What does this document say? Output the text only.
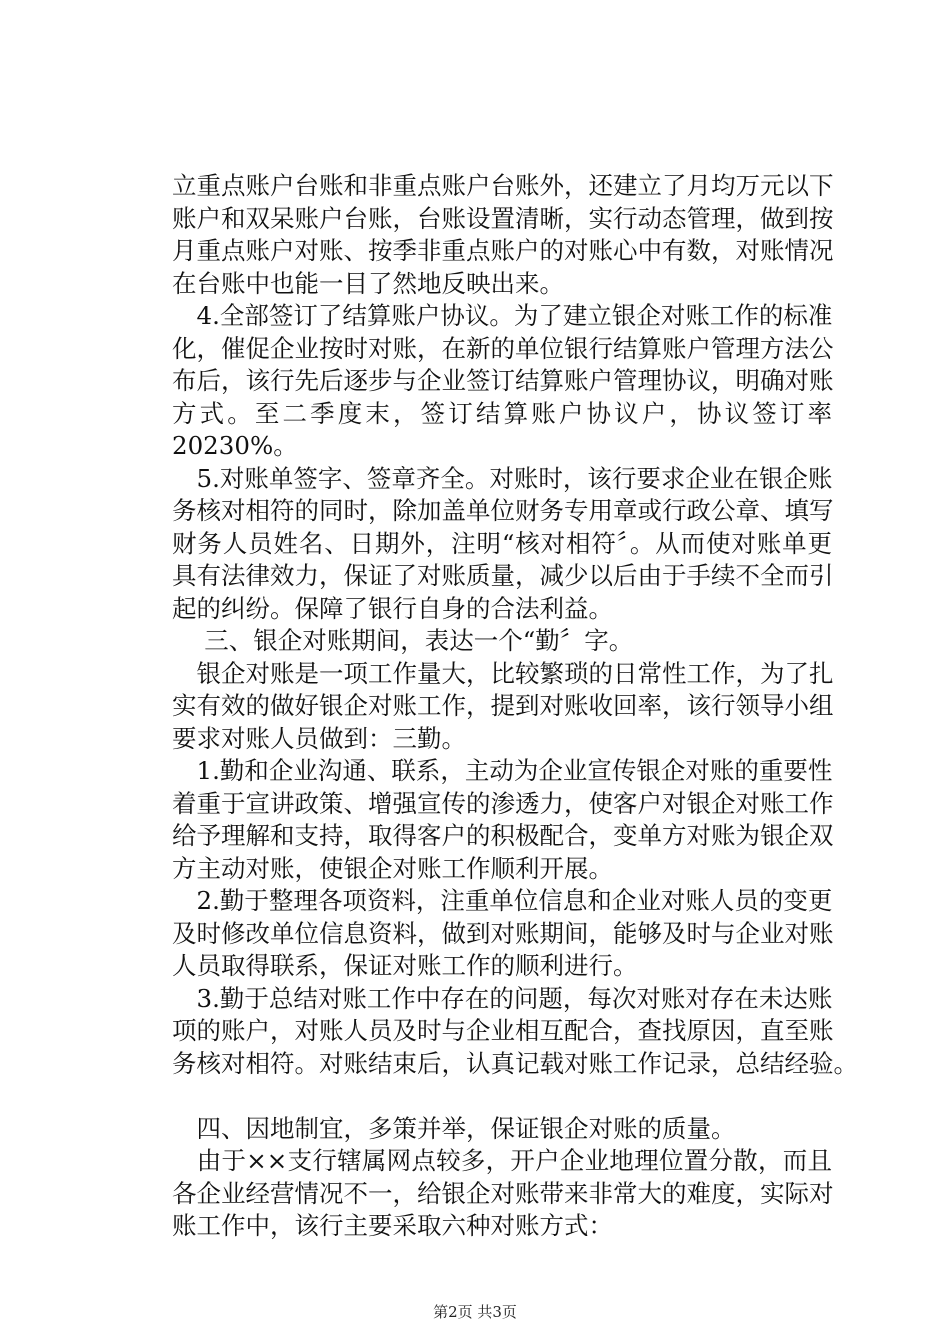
立重点账户台账和非重点账户台账外，还建立了月均万元以下
账户和双呆账户台账，台账设置清晰，实行动态管理，做到按
月重点账户对账、按季非重点账户的对账心中有数，对账情况
在台账中也能一目了然地反映出来。
　4.全部签订了结算账户协议。为了建立银企对账工作的标准
化，催促企业按时对账，在新的单位银行结算账户管理方法公
布后，该行先后逐步与企业签订结算账户管理协议，明确对账
方式。至二季度末，签订结算账户协议户，协议签订率
20230%。
　5.对账单签字、签章齐全。对账时，该行要求企业在银企账
务核对相符的同时，除加盖单位财务专用章或行政公章、填写
财务人员姓名、日期外，注明“核对相符〞。从而使对账单更
具有法律效力，保证了对账质量，减少以后由于手续不全而引
起的纠纷。保障了银行自身的合法利益。
　 三、银企对账期间，表达一个“勤〞字。
　银企对账是一项工作量大，比较繁琐的日常性工作，为了扎
实有效的做好银企对账工作，提到对账收回率，该行领导小组
要求对账人员做到：三勤。
　1.勤和企业沟通、联系，主动为企业宣传银企对账的重要性
着重于宣讲政策、增强宣传的渗透力，使客户对银企对账工作
给予理解和支持，取得客户的积极配合，变单方对账为银企双
方主动对账，使银企对账工作顺利开展。
　2.勤于整理各项资料，注重单位信息和企业对账人员的变更
及时修改单位信息资料，做到对账期间，能够及时与企业对账
人员取得联系，保证对账工作的顺利进行。
　3.勤于总结对账工作中存在的问题，每次对账对存在未达账
项的账户，对账人员及时与企业相互配合，查找原因，直至账
务核对相符。对账结束后，认真记载对账工作记录，总结经验。
　四、因地制宜，多策并举，保证银企对账的质量。
　由于××支行辖属网点较多，开户企业地理位置分散，而且
各企业经营情况不一，给银企对账带来非常大的难度，实际对
账工作中，该行主要采取六种对账方式：
第2页 共3页
